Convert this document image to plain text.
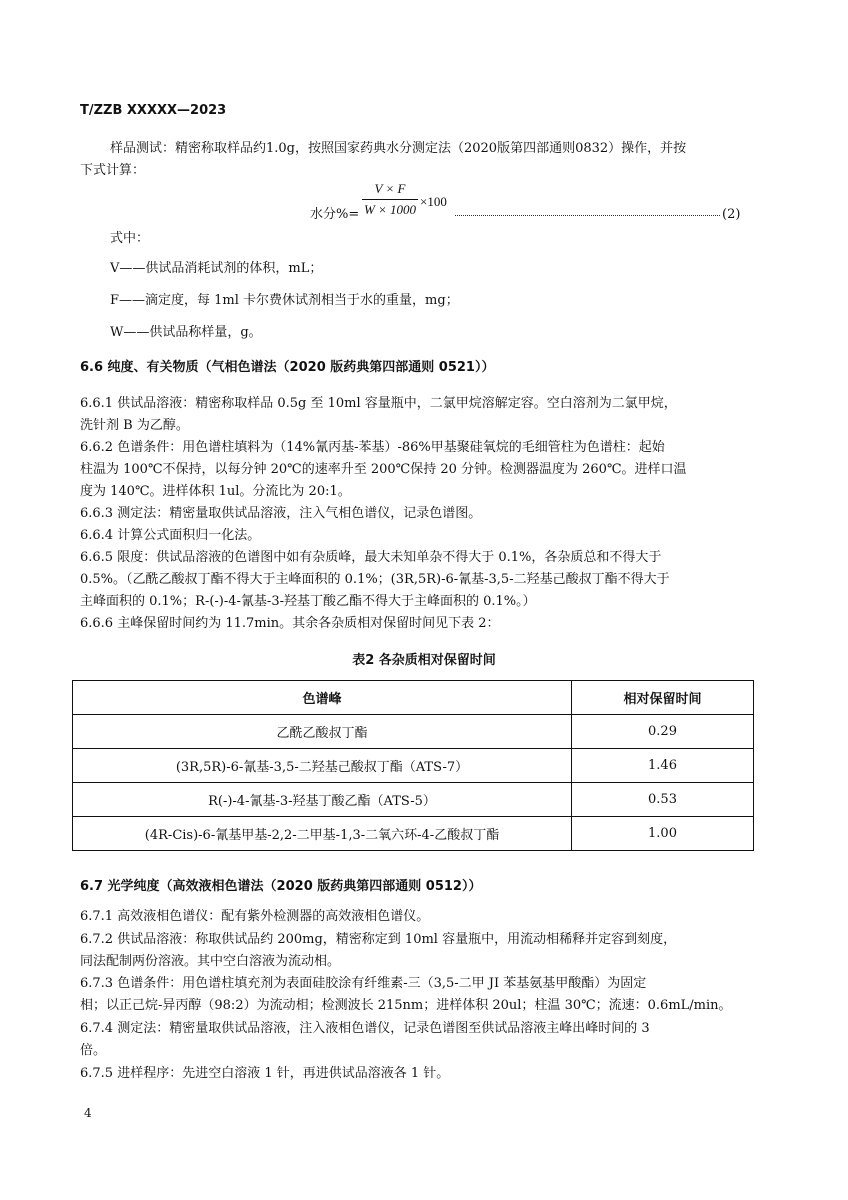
T/ZZB XXXXX—2023
样品测试：精密称取样品约1.0g，按照国家药典水分测定法（2020版第四部通则0832）操作，并按
下式计算：
V × F
W × 1000
×100
水分%=	(2)
式中：
V——供试品消耗试剂的体积，mL；
F——滴定度，每 1ml 卡尔费休试剂相当于水的重量，mg；
W——供试品称样量，g。
6.6 纯度、有关物质（气相色谱法（2020 版药典第四部通则 0521））
6.6.1 供试品溶液：精密称取样品 0.5g 至 10ml 容量瓶中，二氯甲烷溶解定容。空白溶剂为二氯甲烷，
洗针剂 B 为乙醇。
6.6.2 色谱条件：用色谱柱填料为（14%氰丙基-苯基）-86%甲基聚硅氧烷的毛细管柱为色谱柱：起始
柱温为 100℃不保持，以每分钟 20℃的速率升至 200℃保持 20 分钟。检测器温度为 260℃。进样口温
度为 140℃。进样体积 1ul。分流比为 20:1。
6.6.3 测定法：精密量取供试品溶液，注入气相色谱仪，记录色谱图。
6.6.4 计算公式面积归一化法。
6.6.5 限度：供试品溶液的色谱图中如有杂质峰，最大未知单杂不得大于 0.1%，各杂质总和不得大于
0.5%。（乙酰乙酸叔丁酯不得大于主峰面积的 0.1%；(3R,5R)-6-氰基-3,5-二羟基己酸叔丁酯不得大于
主峰面积的 0.1%；R-(-)-4-氰基-3-羟基丁酸乙酯不得大于主峰面积的 0.1%。）
6.6.6 主峰保留时间约为 11.7min。其余各杂质相对保留时间见下表 2：
表2 各杂质相对保留时间
色谱峰	相对保留时间
乙酰乙酸叔丁酯	0.29
(3R,5R)-6-氰基-3,5-二羟基己酸叔丁酯（ATS-7）	1.46
R(-)-4-氰基-3-羟基丁酸乙酯（ATS-5）	0.53
(4R-Cis)-6-氰基甲基-2,2-二甲基-1,3-二氧六环-4-乙酸叔丁酯	1.00
6.7 光学纯度（高效液相色谱法（2020 版药典第四部通则 0512））
6.7.1 高效液相色谱仪：配有紫外检测器的高效液相色谱仪。
6.7.2 供试品溶液：称取供试品约 200mg，精密称定到 10ml 容量瓶中，用流动相稀释并定容到刻度，
同法配制两份溶液。其中空白溶液为流动相。
6.7.3 色谱条件：用色谱柱填充剂为表面硅胶涂有纤维素-三（3,5-二甲 JI 苯基氨基甲酸酯）为固定
相；以正己烷-异丙醇（98:2）为流动相；检测波长 215nm；进样体积 20ul；柱温 30℃；流速：0.6mL/min。
6.7.4 测定法：精密量取供试品溶液，注入液相色谱仪，记录色谱图至供试品溶液主峰出峰时间的 3
倍。
6.7.5 进样程序：先进空白溶液 1 针，再进供试品溶液各 1 针。
4
